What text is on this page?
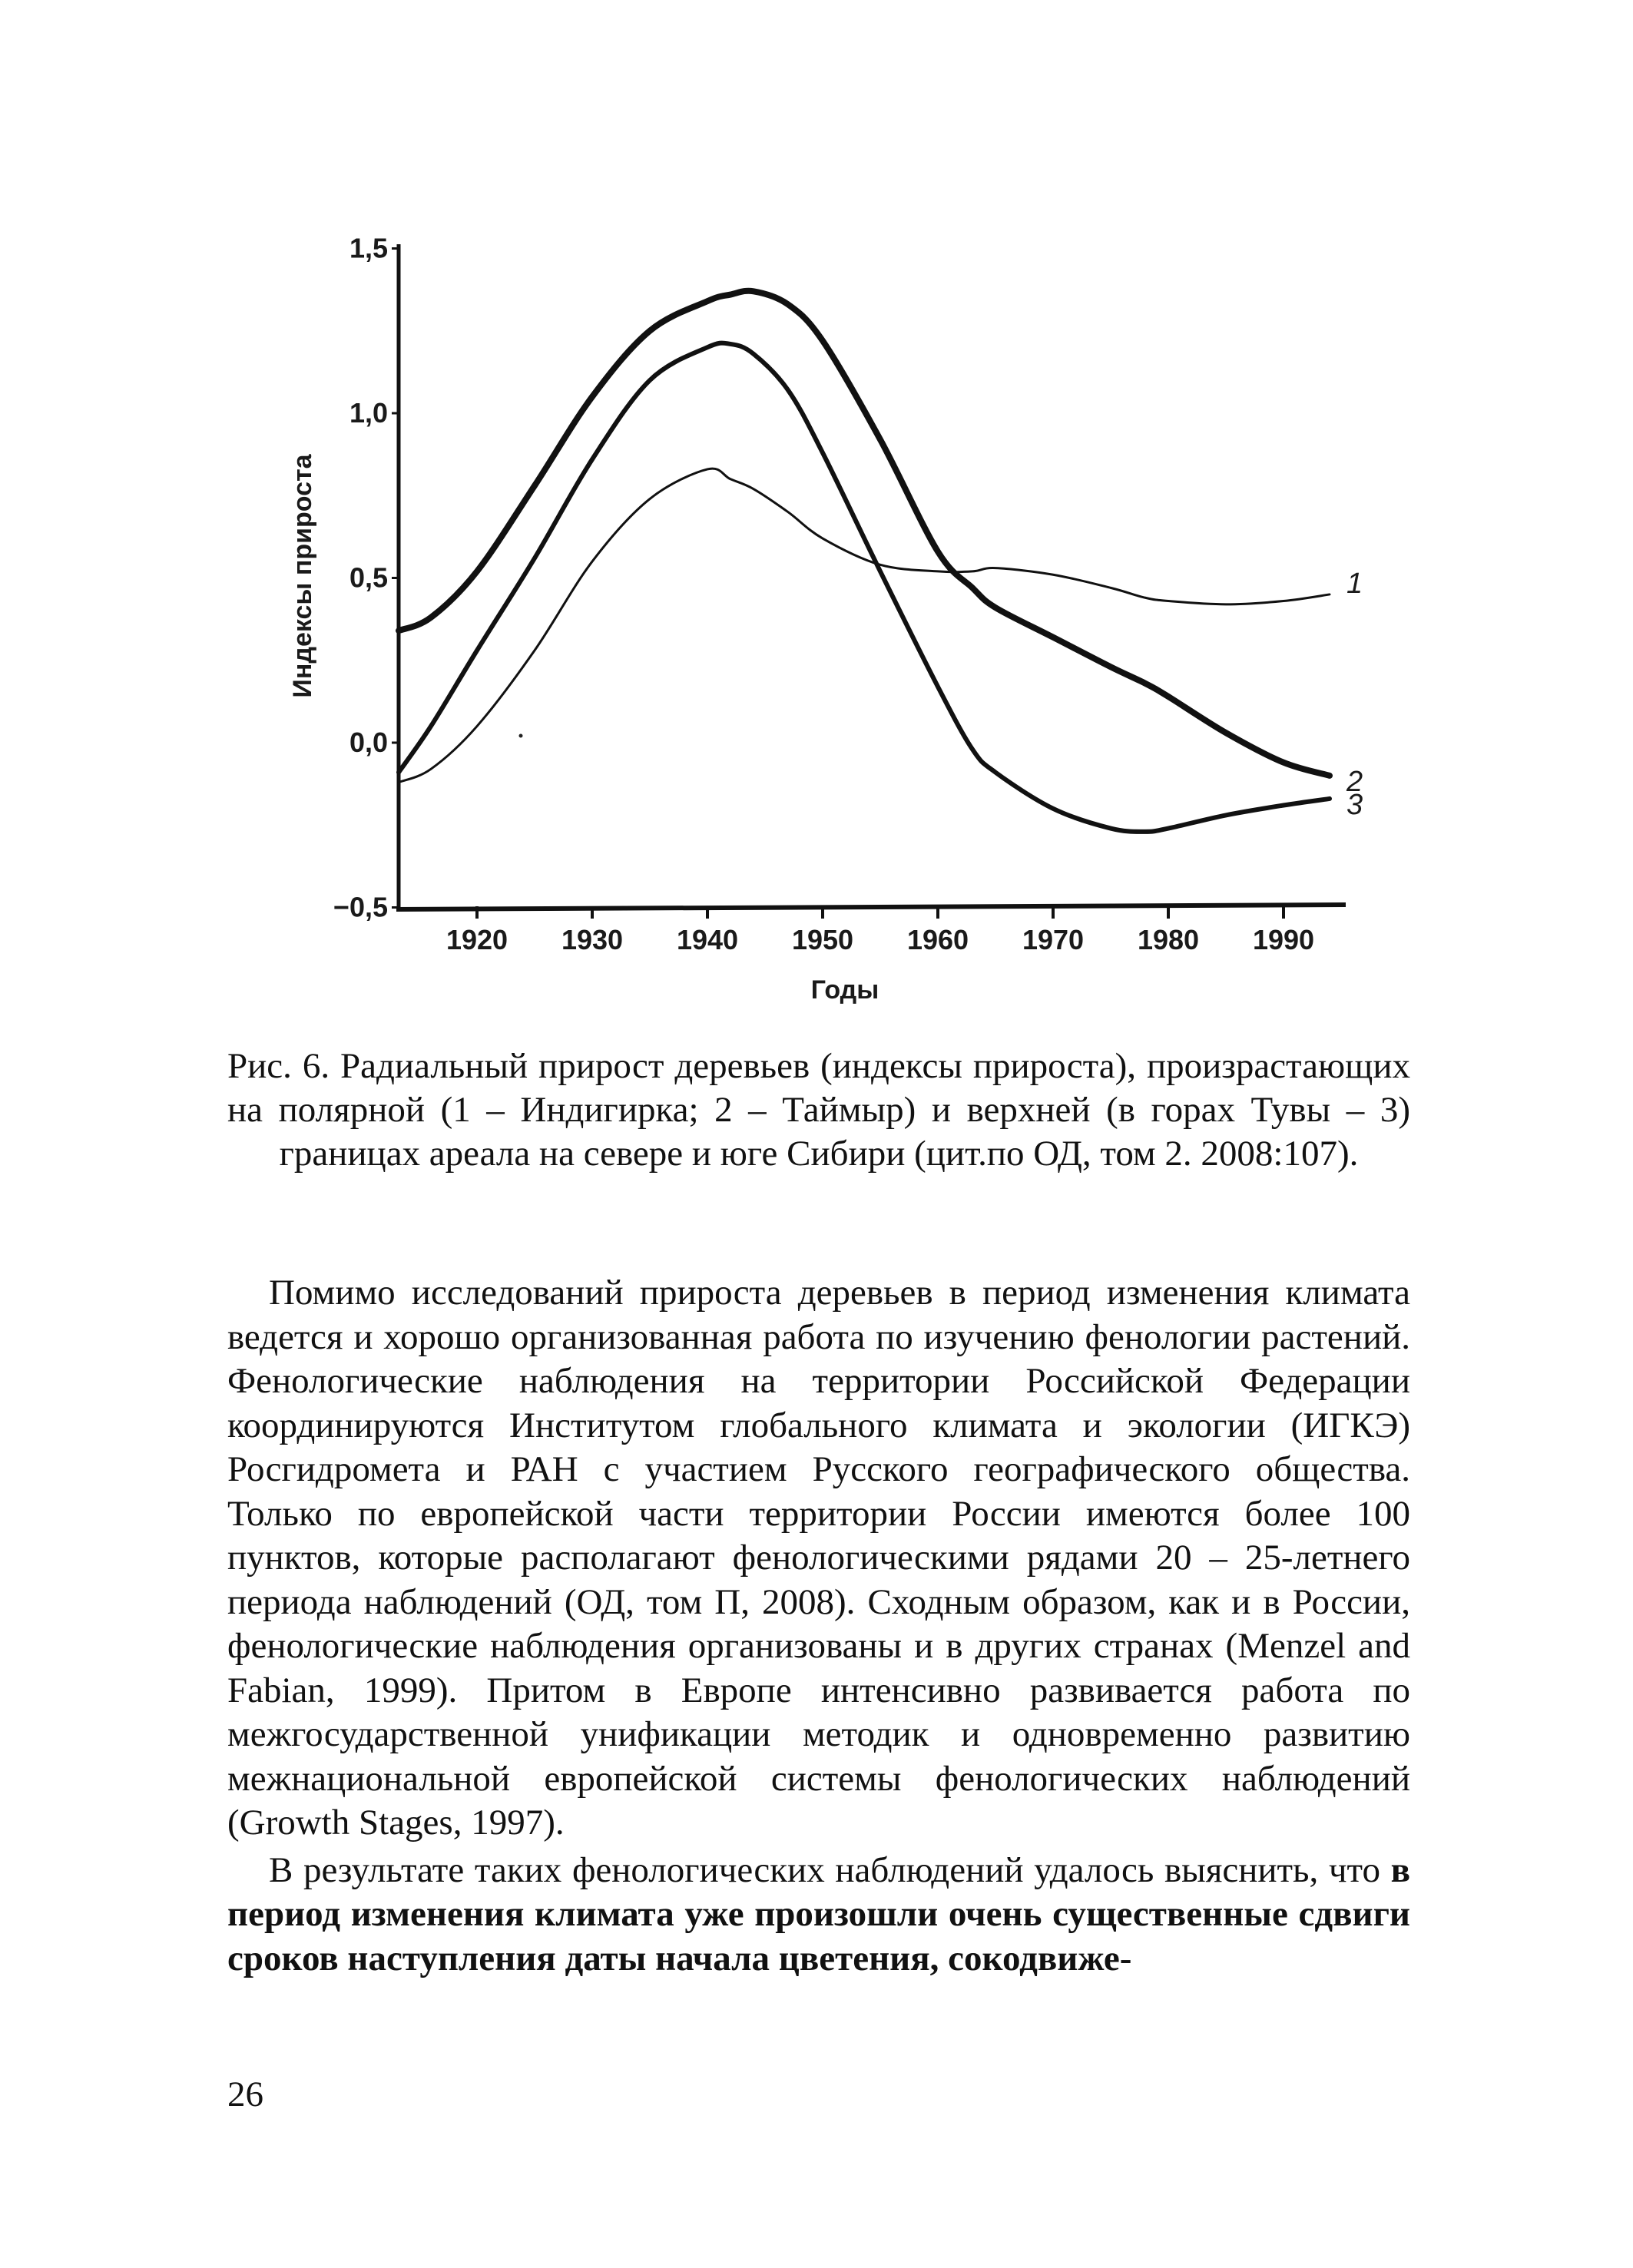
1,5
1,0
0,5
0,0
−0,5
1920 1930 1940 1950 1960 1970 1980 1990
Индексы прироста
Годы
1
2
3

Рис. 6. Радиальный прирост деревьев (индексы прироста), произрастающих на полярной (1 – Индигирка; 2 – Таймыр) и верхней (в горах Тувы – 3) границах ареала на севере и юге Сибири (цит.по ОД, том 2. 2008:107).

Помимо исследований прироста деревьев в период изменения климата ведется и хорошо организованная работа по изучению фенологии растений. Фенологические наблюдения на территории Российской Федерации координируются Институтом глобального климата и экологии (ИГКЭ) Росгидромета и РАН с участием Русского географического общества. Только по европейской части территории России имеются более 100 пунктов, которые располагают фенологическими рядами 20 – 25-летнего периода наблюдений (ОД, том П, 2008). Сходным образом, как и в России, фенологические наблюдения организованы и в других странах (Menzel and Fabian, 1999). Притом в Европе интенсивно развивается работа по межгосударственной унификации методик и одновременно развитию межнациональной европейской системы фенологических наблюдений (Growth Stages, 1997).

В результате таких фенологических наблюдений удалось выяснить, что в период изменения климата уже произошли очень существенные сдвиги сроков наступления даты начала цветения, сокодвиже-

26
